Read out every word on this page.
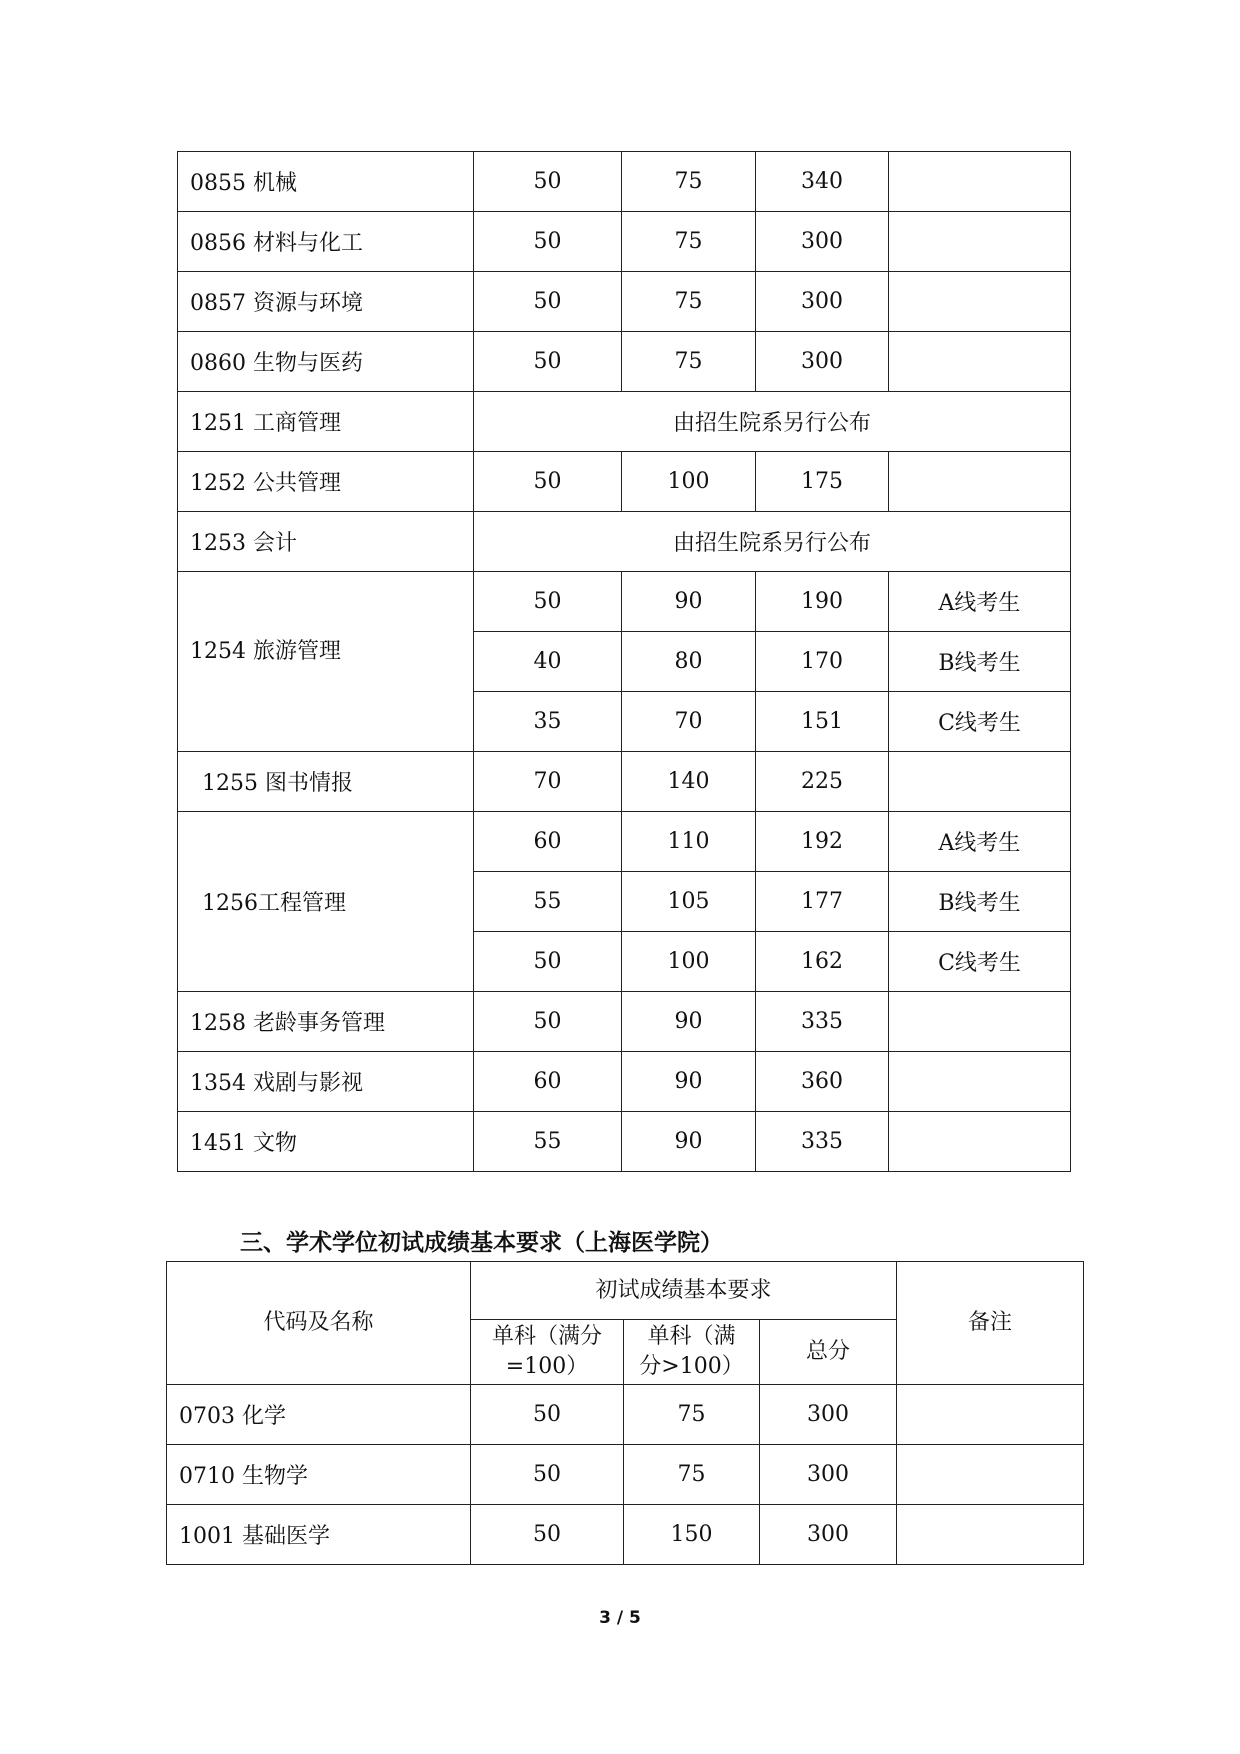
0855 机械	50	75	340	
0856 材料与化工	50	75	300	
0857 资源与环境	50	75	300	
0860 生物与医药	50	75	300	
1251 工商管理	由招生院系另行公布			
1252 公共管理	50	100	175	
1253 会计	由招生院系另行公布			
1254 旅游管理	50	90	190	A线考生
	40	80	170	B线考生
	35	70	151	C线考生
1255 图书情报	70	140	225	
1256工程管理	60	110	192	A线考生
	55	105	177	B线考生
	50	100	162	C线考生
1258 老龄事务管理	50	90	335	
1354 戏剧与影视	60	90	360	
1451 文物	55	90	335	
三、学术学位初试成绩基本要求（上海医学院）
代码及名称	初试成绩基本要求			备注
	单科（满分=100）	单科（满分>100）	总分	
0703 化学	50	75	300	
0710 生物学	50	75	300	
1001 基础医学	50	150	300	
3 / 5
